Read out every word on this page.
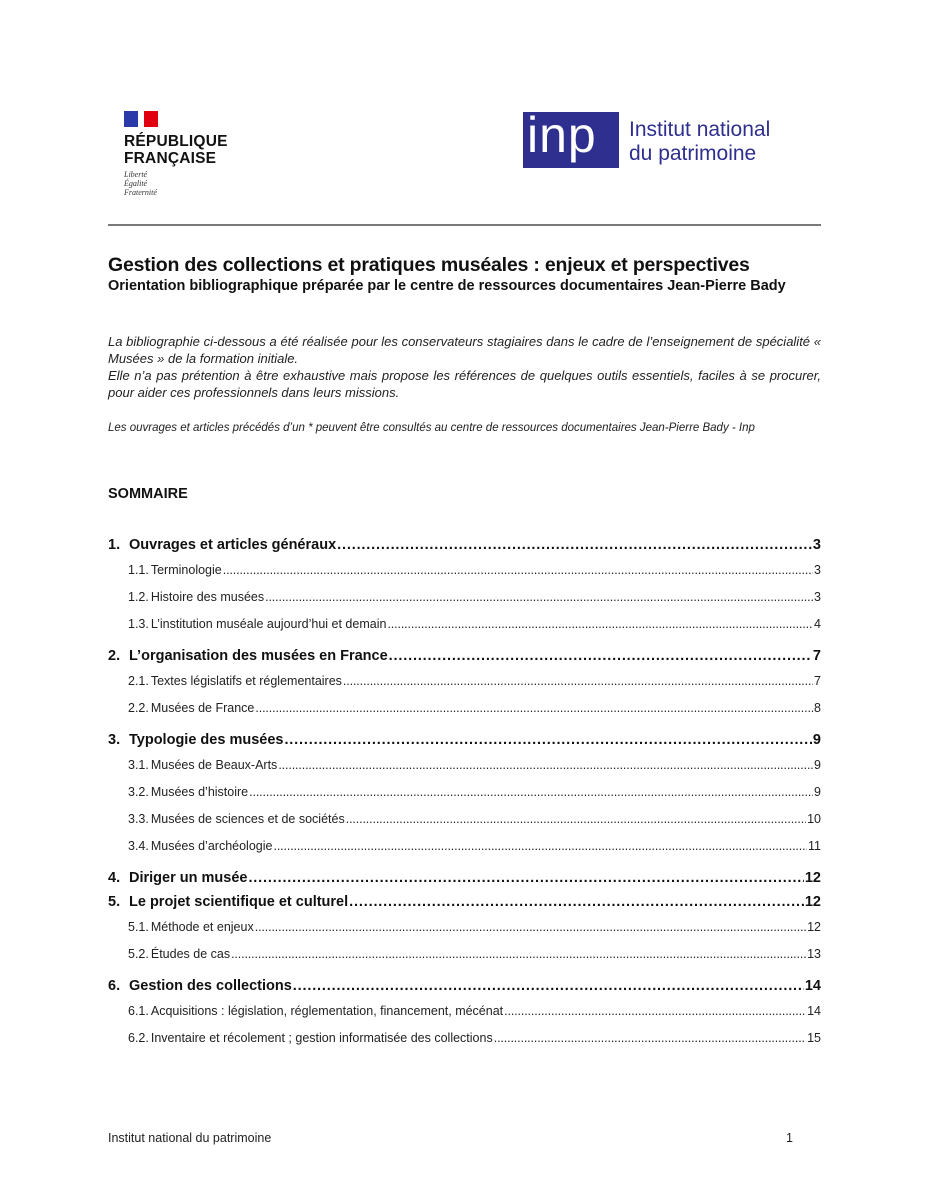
RÉPUBLIQUE
FRANÇAISE
Liberté
Égalité
Fraternité
inp	Institut national
du patrimoine
Gestion des collections et pratiques muséales : enjeux et perspectives
Orientation bibliographique préparée par le centre de ressources documentaires Jean-Pierre Bady

La bibliographie ci-dessous a été réalisée pour les conservateurs stagiaires dans le cadre de l’enseignement de spécialité « Musées » de la formation initiale.

Elle n’a pas prétention à être exhaustive mais propose les références de quelques outils essentiels, faciles à se procurer, pour aider ces professionnels dans leurs missions.

Les ouvrages et articles précédés d’un * peuvent être consultés au centre de ressources documentaires Jean-Pierre Bady - Inp
SOMMAIRE
1. Ouvrages et articles généraux . . .	3
1.1. Terminologie . . .	3
1.2. Histoire des musées . . .	3
1.3. L’institution muséale aujourd’hui et demain . . .	4
2. L’organisation des musées en France . . .	7
2.1. Textes législatifs et réglementaires . . .	7
2.2. Musées de France . . .	8
3. Typologie des musées . . .	9
3.1. Musées de Beaux-Arts . . .	9
3.2. Musées d’histoire . . .	9
3.3. Musées de sciences et de sociétés . . .	10
3.4. Musées d’archéologie . . .	11
4. Diriger un musée . . .	12
5. Le projet scientifique et culturel . . .	12
5.1. Méthode et enjeux . . .	12
5.2. Études de cas . . .	13
6. Gestion des collections . . .	14
6.1. Acquisitions : législation, réglementation, financement, mécénat . . .	14
6.2. Inventaire et récolement ; gestion informatisée des collections . . .	15
Institut national du patrimoine	1
